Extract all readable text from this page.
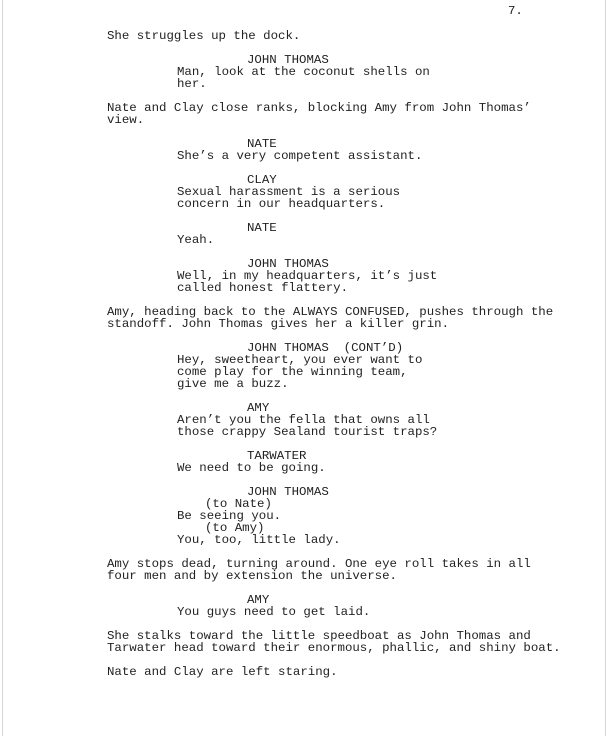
7.
She struggles up the dock.
JOHN THOMAS
Man, look at the coconut shells on
her.
Nate and Clay close ranks, blocking Amy from John Thomas’
view.
NATE
She’s a very competent assistant.
CLAY
Sexual harassment is a serious
concern in our headquarters.
NATE
Yeah.
JOHN THOMAS
Well, in my headquarters, it’s just
called honest flattery.
Amy, heading back to the ALWAYS CONFUSED, pushes through the
standoff. John Thomas gives her a killer grin.
JOHN THOMAS  (CONT’D)
Hey, sweetheart, you ever want to
come play for the winning team,
give me a buzz.
AMY
Aren’t you the fella that owns all
those crappy Sealand tourist traps?
TARWATER
We need to be going.
JOHN THOMAS
(to Nate)
Be seeing you.
(to Amy)
You, too, little lady.
Amy stops dead, turning around. One eye roll takes in all
four men and by extension the universe.
AMY
You guys need to get laid.
She stalks toward the little speedboat as John Thomas and
Tarwater head toward their enormous, phallic, and shiny boat.
Nate and Clay are left staring.
